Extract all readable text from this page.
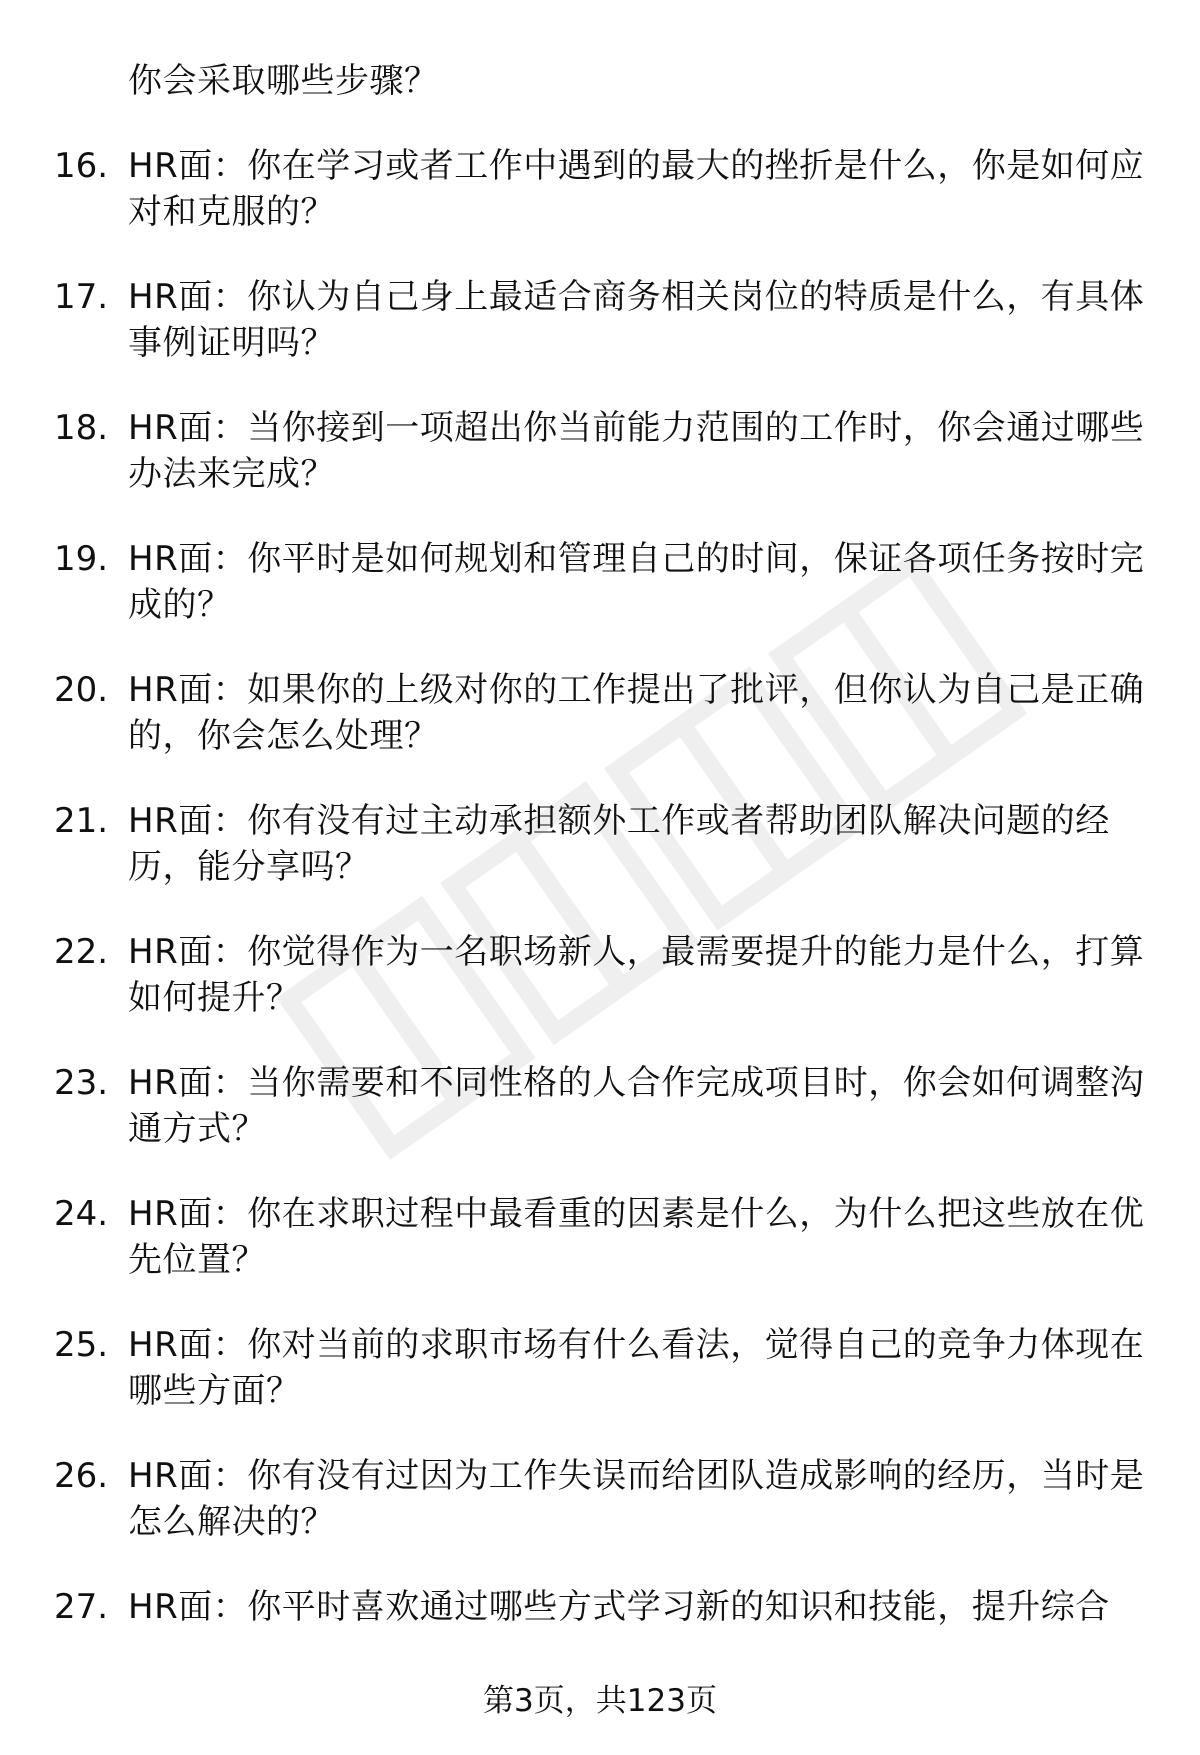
你会采取哪些步骤？

16. HR面：你在学习或者工作中遇到的最大的挫折是什么，你是如何应对和克服的？

17. HR面：你认为自己身上最适合商务相关岗位的特质是什么，有具体事例证明吗？

18. HR面：当你接到一项超出你当前能力范围的工作时，你会通过哪些办法来完成？

19. HR面：你平时是如何规划和管理自己的时间，保证各项任务按时完成的？

20. HR面：如果你的上级对你的工作提出了批评，但你认为自己是正确的，你会怎么处理？

21. HR面：你有没有过主动承担额外工作或者帮助团队解决问题的经历，能分享吗？

22. HR面：你觉得作为一名职场新人，最需要提升的能力是什么，打算如何提升？

23. HR面：当你需要和不同性格的人合作完成项目时，你会如何调整沟通方式？

24. HR面：你在求职过程中最看重的因素是什么，为什么把这些放在优先位置？

25. HR面：你对当前的求职市场有什么看法，觉得自己的竞争力体现在哪些方面？

26. HR面：你有没有过因为工作失误而给团队造成影响的经历，当时是怎么解决的？

27. HR面：你平时喜欢通过哪些方式学习新的知识和技能，提升综合

第3页，共123页
